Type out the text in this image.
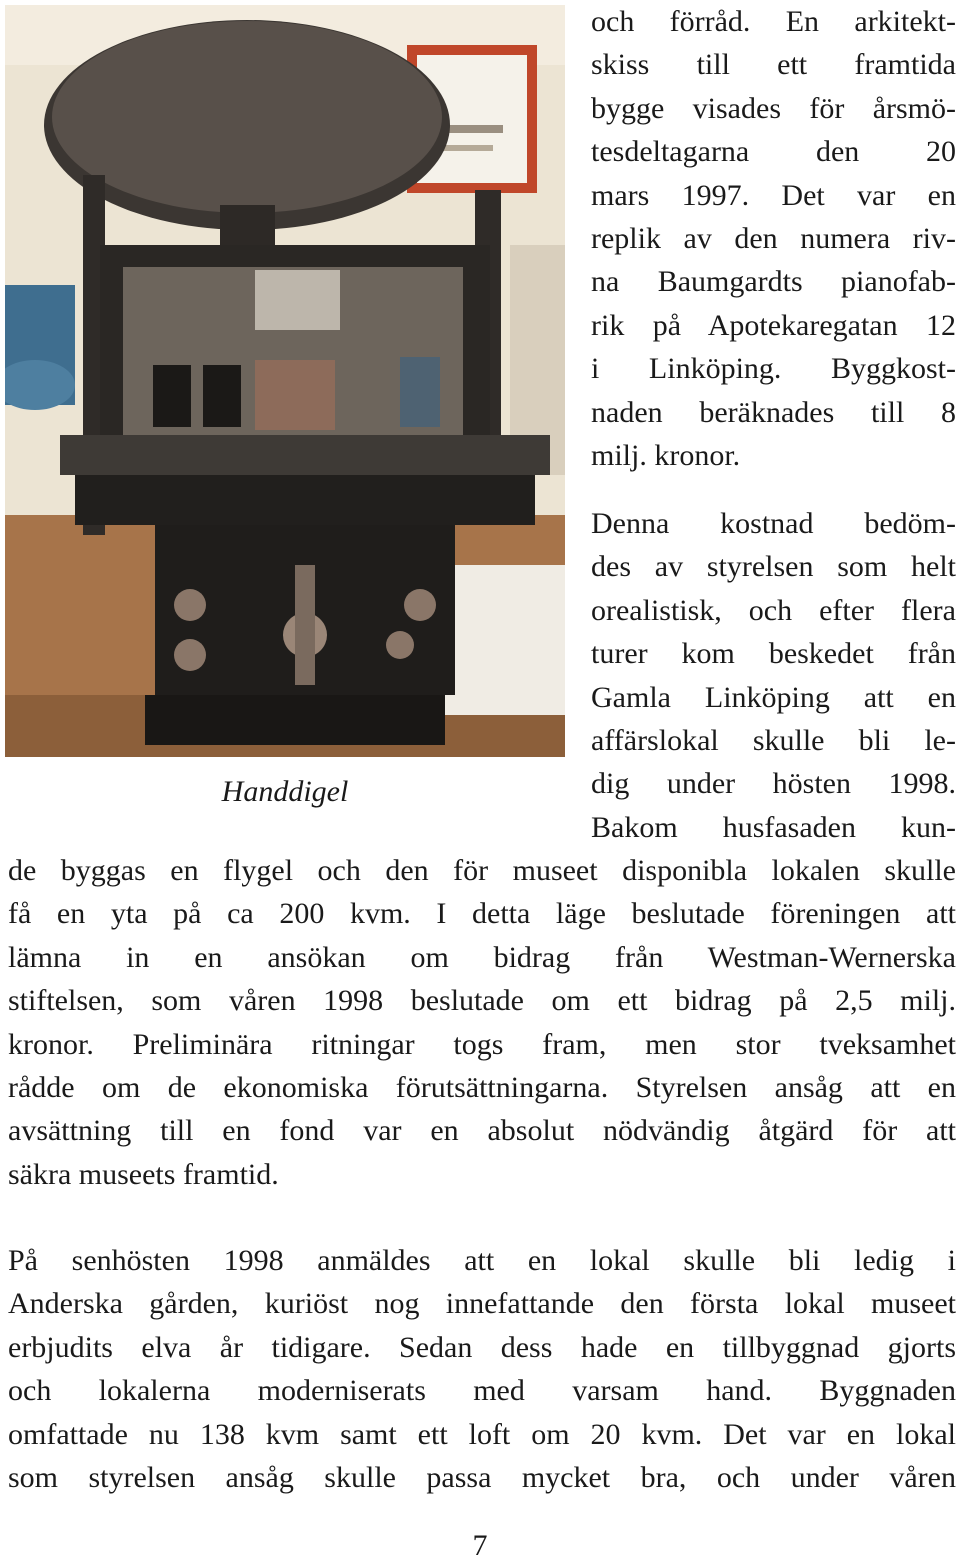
Handdigel
och förråd. En arkitekt-
skiss till ett framtida
bygge visades för årsmö-
tesdeltagarna den 20
mars 1997. Det var en
replik av den numera riv-
na Baumgardts pianofab-
rik på Apotekaregatan 12
i Linköping. Byggkost-
naden beräknades till 8
milj. kronor.
Denna kostnad bedöm-
des av styrelsen som helt
orealistisk, och efter flera
turer kom beskedet från
Gamla Linköping att en
affärslokal skulle bli le-
dig under hösten 1998.
Bakom husfasaden kun-
de byggas en flygel och den för museet disponibla lokalen skulle
få en yta på ca 200 kvm. I detta läge beslutade föreningen att
lämna in en ansökan om bidrag från Westman-Wernerska
stiftelsen, som våren 1998 beslutade om ett bidrag på 2,5 milj.
kronor. Preliminära ritningar togs fram, men stor tveksamhet
rådde om de ekonomiska förutsättningarna. Styrelsen ansåg att en
avsättning till en fond var en absolut nödvändig åtgärd för att
säkra museets framtid.
På senhösten 1998 anmäldes att en lokal skulle bli ledig i
Anderska gården, kuriöst nog innefattande den första lokal museet
erbjudits elva år tidigare. Sedan dess hade en tillbyggnad gjorts
och lokalerna moderniserats med varsam hand. Byggnaden
omfattade nu 138 kvm samt ett loft om 20 kvm. Det var en lokal
som styrelsen ansåg skulle passa mycket bra, och under våren
7
